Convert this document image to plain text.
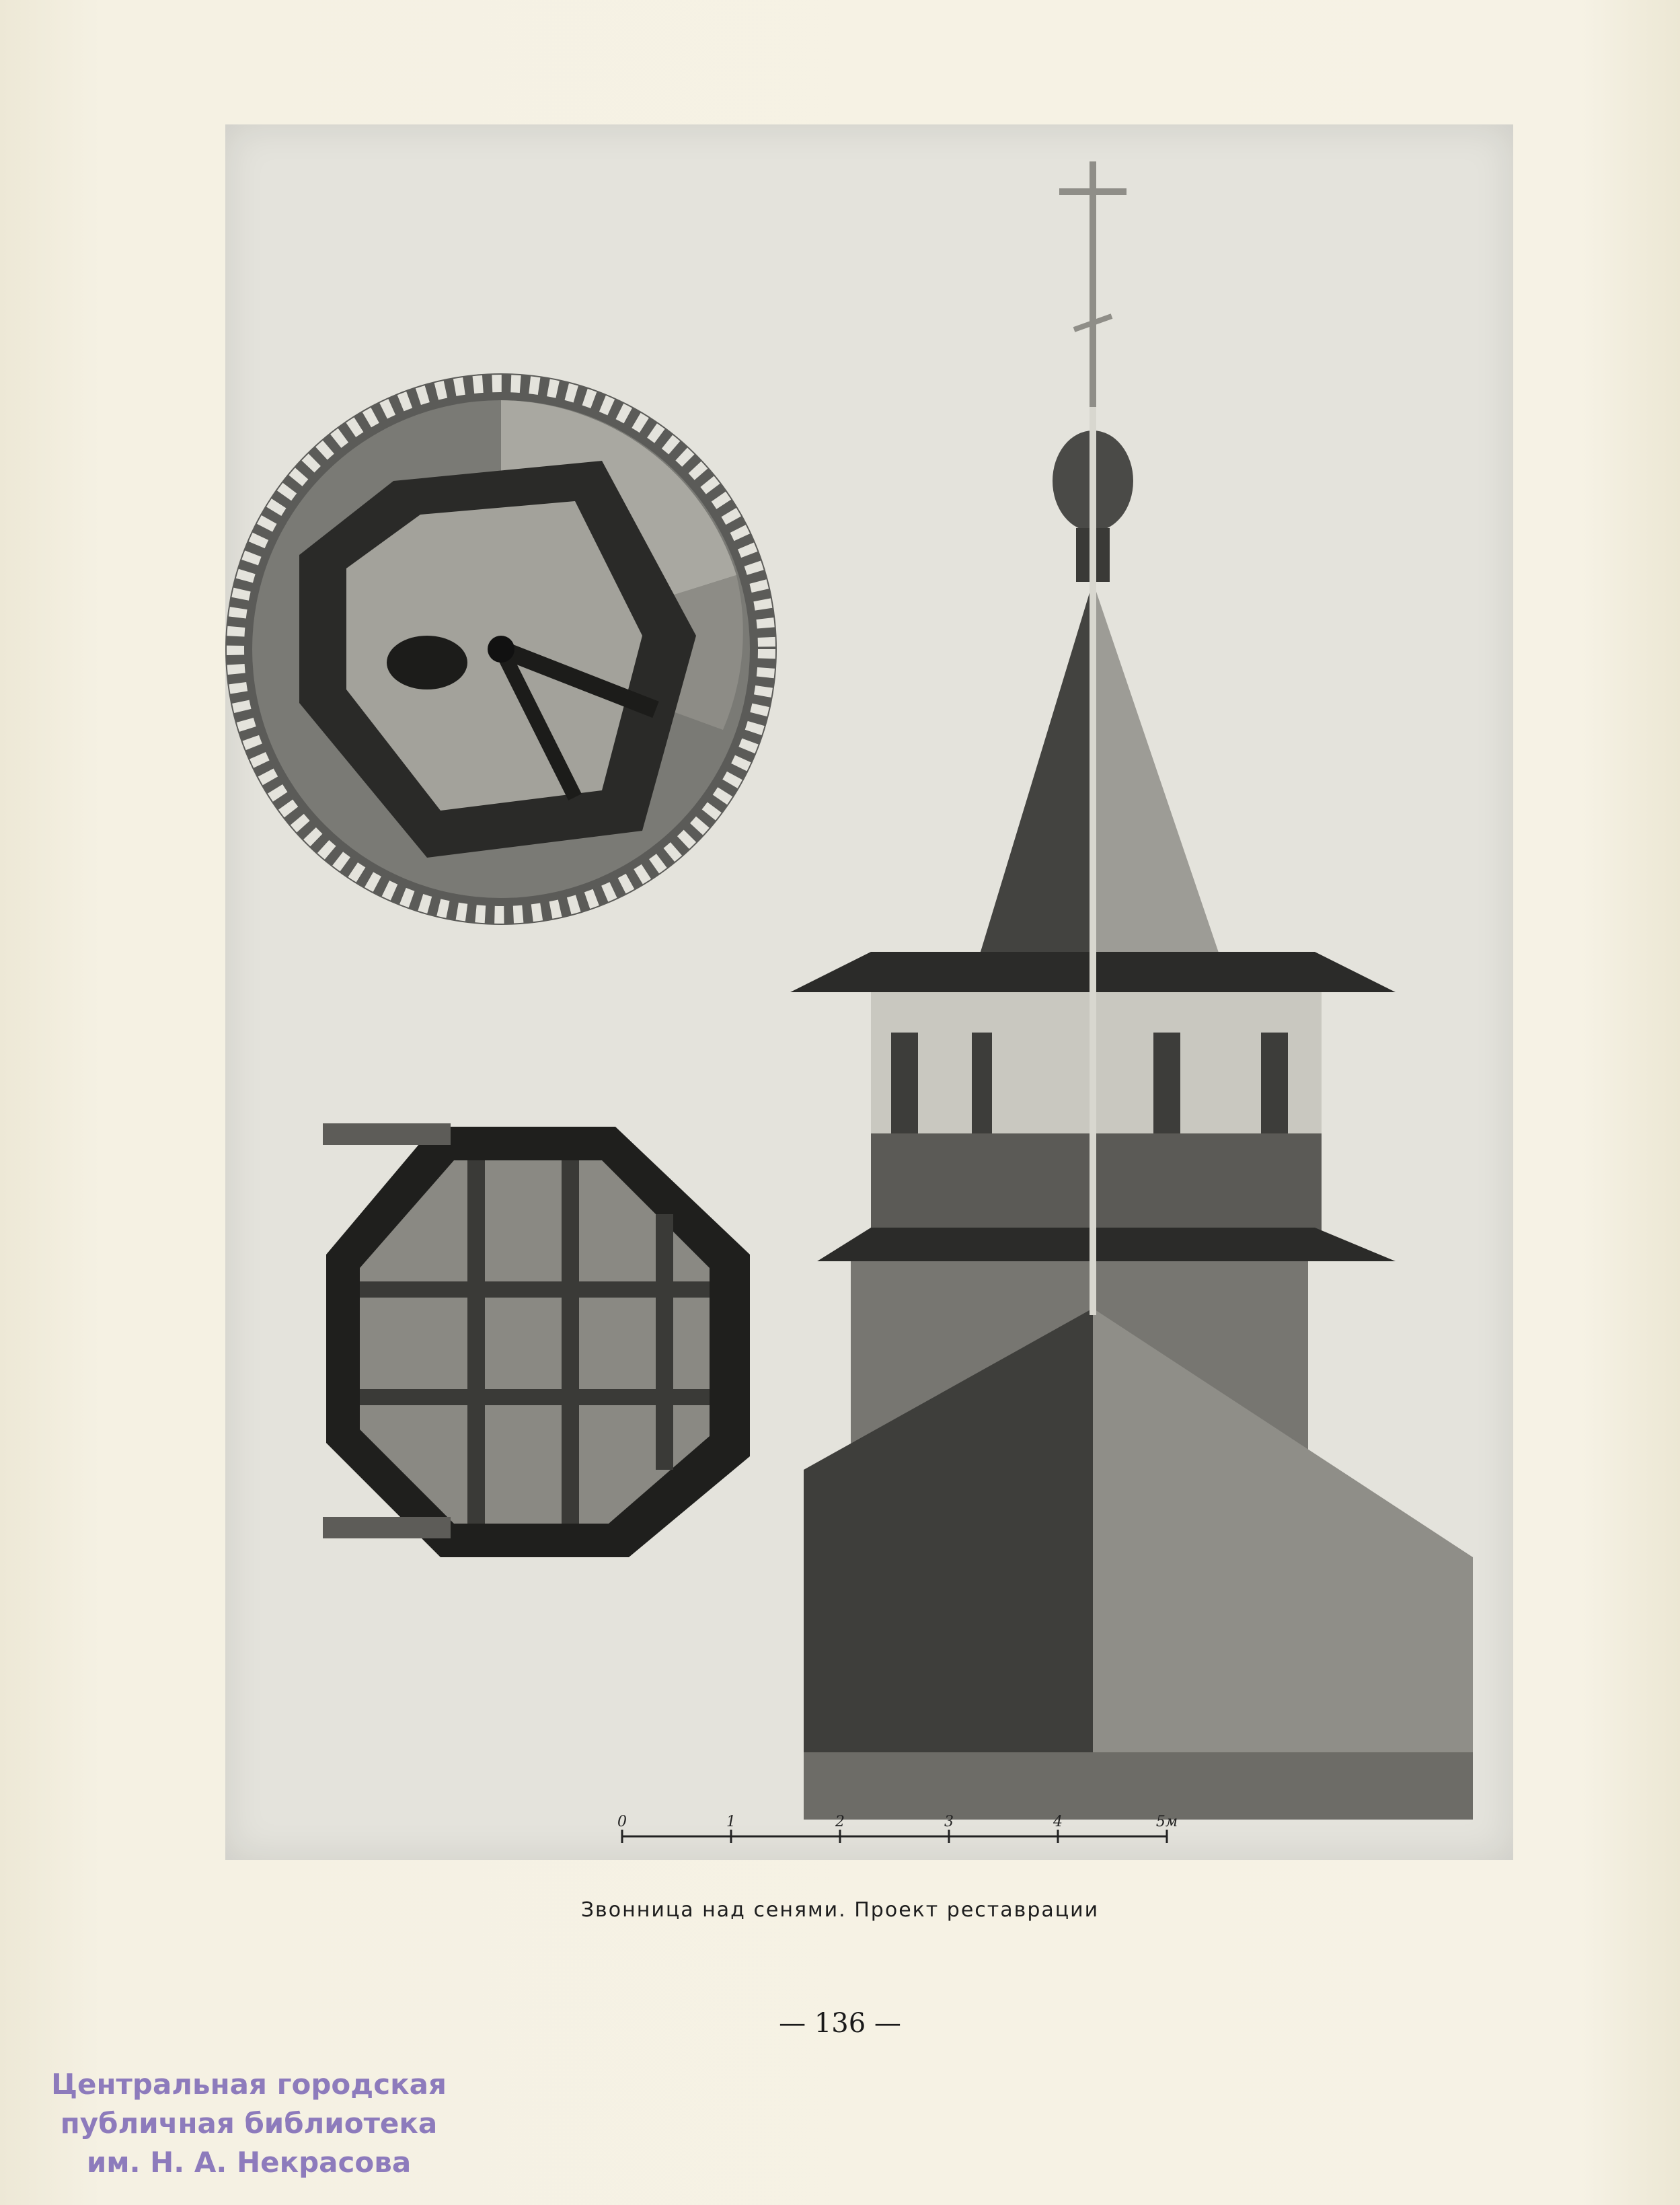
0	1	2	3	4	5м
Звонница над сенями. Проект реставрации
— 136 —
Центральная городская
публичная библиотека
им. Н. А. Некрасова
